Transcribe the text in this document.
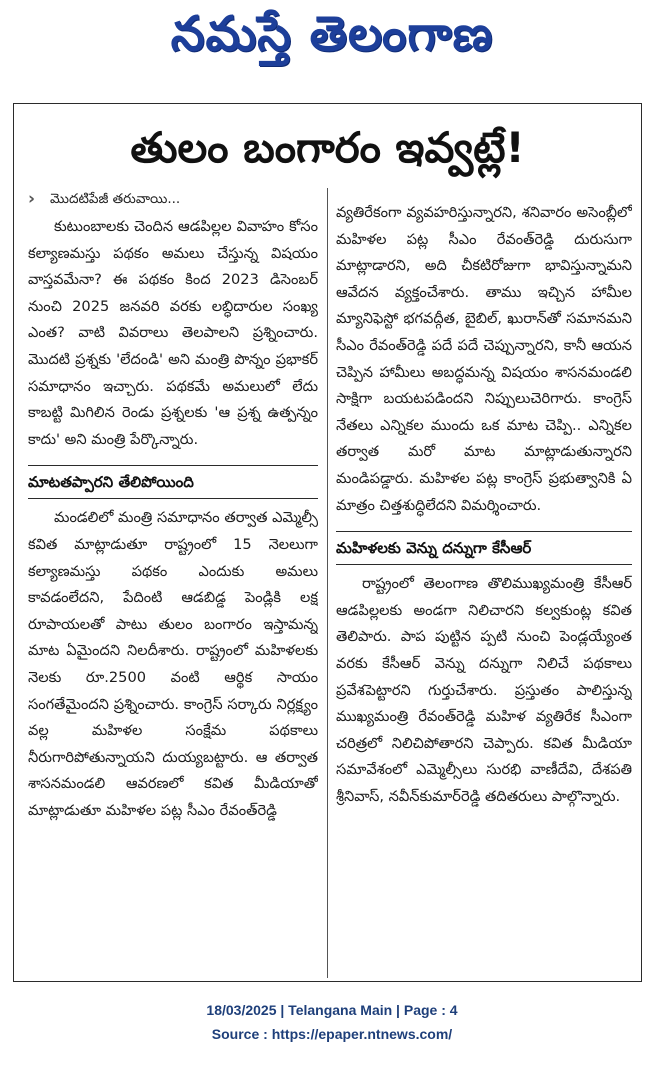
నమస్తే తెలంగాణ
తులం బంగారం ఇవ్వట్లే!
›	మొదటిపేజీ తరువాయి...

కుటుంబాలకు చెందిన ఆడపిల్లల వివాహం కోసం కల్యాణమస్తు పథకం అమలు చేస్తున్న విషయం వాస్తవమేనా? ఈ పథకం కింద 2023 డిసెంబర్ నుంచి 2025 జనవరి వరకు లబ్ధిదారుల సంఖ్య ఎంత? వాటి వివరాలు తెలపాలని ప్రశ్నించారు. మొదటి ప్రశ్నకు 'లేదండి' అని మంత్రి పొన్నం ప్రభాకర్ సమాధానం ఇచ్చారు. పథకమే అమలులో లేదు కాబట్టి మిగిలిన రెండు ప్రశ్నలకు 'ఆ ప్రశ్న ఉత్పన్నం కాదు' అని మంత్రి పేర్కొన్నారు.

మాటతప్పారని తేలిపోయింది

మండలిలో మంత్రి సమాధానం తర్వాత ఎమ్మెల్సీ కవిత మాట్లాడుతూ రాష్ట్రంలో 15 నెలలుగా కల్యాణమస్తు పథకం ఎందుకు అమలు కావడంలేదని, పేదింటి ఆడబిడ్డ పెండ్లికి లక్ష రూపాయలతో పాటు తులం బంగారం ఇస్తామన్న మాట ఏమైందని నిలదీశారు. రాష్ట్రంలో మహిళలకు నెలకు రూ.2500 వంటి ఆర్థిక సాయం సంగతేమైందని ప్రశ్నించారు. కాంగ్రెస్ సర్కారు నిర్లక్ష్యం వల్ల మహిళల సంక్షేమ పథకాలు నీరుగారిపోతున్నాయని దుయ్యబట్టారు. ఆ తర్వాత శాసనమండలి ఆవరణలో కవిత మీడియాతో మాట్లాడుతూ మహిళల పట్ల సీఎం రేవంత్‌రెడ్డి

వ్యతిరేకంగా వ్యవహరిస్తున్నారని, శనివారం అసెంబ్లీలో మహిళల పట్ల సీఎం రేవంత్‌రెడ్డి దురుసుగా మాట్లాడారని, అది చీకటిరోజుగా భావిస్తున్నామని ఆవేదన వ్యక్తంచేశారు. తాము ఇచ్చిన హామీల మ్యానిఫెస్టో భగవద్గీత, బైబిల్, ఖురాన్‌తో సమానమని సీఎం రేవంత్‌రెడ్డి పదే పదే చెప్పున్నారని, కానీ ఆయన చెప్పిన హామీలు అబద్ధమన్న విషయం శాసనమండలి సాక్షిగా బయటపడిందని నిప్పులుచెరిగారు. కాంగ్రెస్ నేతలు ఎన్నికల ముందు ఒక మాట చెప్పి.. ఎన్నికల తర్వాత మరో మాట మాట్లాడుతున్నారని మండిపడ్డారు. మహిళల పట్ల కాంగ్రెస్ ప్రభుత్వానికి ఏ మాత్రం చిత్తశుద్ధిలేదని విమర్శించారు.

మహిళలకు వెన్ను దన్నుగా కేసీఆర్

రాష్ట్రంలో తెలంగాణ తొలిముఖ్యమంత్రి కేసీఆర్ ఆడపిల్లలకు అండగా నిలిచారని కల్వకుంట్ల కవిత తెలిపారు. పాప పుట్టిన ప్పటి నుంచి పెండ్లయ్యేంత వరకు కేసీఆర్ వెన్ను దన్నుగా నిలిచే పథకాలు ప్రవేశపెట్టారని గుర్తుచేశారు. ప్రస్తుతం పాలిస్తున్న ముఖ్యమంత్రి రేవంత్‌రెడ్డి మహిళ వ్యతిరేక సీఎంగా చరిత్రలో నిలిచిపోతారని చెప్పారు. కవిత మీడియా సమావేశంలో ఎమ్మెల్సీలు సురభి వాణీదేవి, దేశపతి శ్రీనివాస్, నవీన్‌కుమార్‌రెడ్డి తదితరులు పాల్గొన్నారు.

18/03/2025 | Telangana Main | Page : 4
Source : https://epaper.ntnews.com/
